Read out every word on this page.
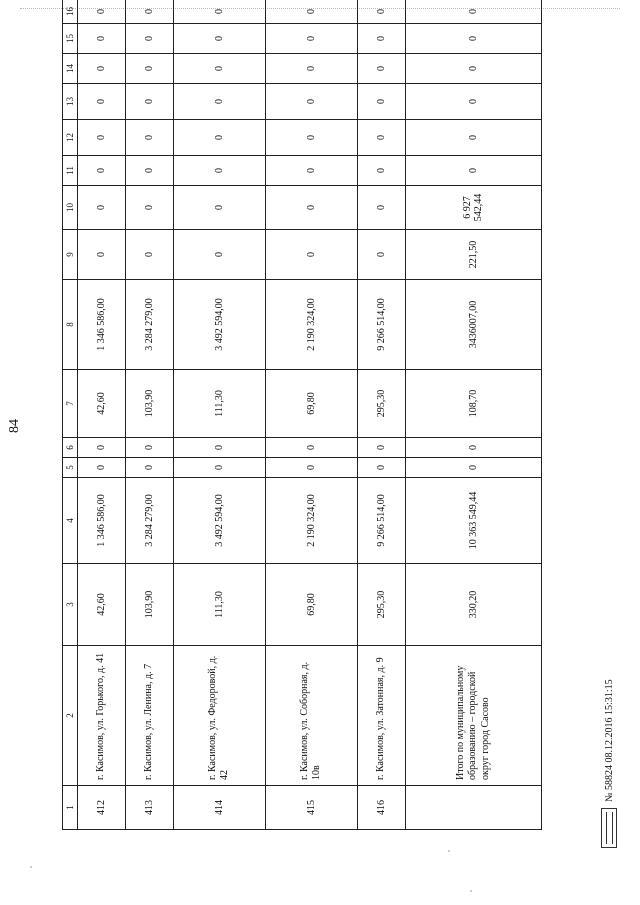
84
1	2	3	4	5	6	7	8	9	10	11	12	13	14	15	16
412	г. Касимов, ул. Горького, д. 41	42,60	1 346 586,00	0	0	42,60	1 346 586,00	0	0	0	0	0	0	0	0
413	г. Касимов, ул. Ленина, д. 7	103,90	3 284 279,00	0	0	103,90	3 284 279,00	0	0	0	0	0	0	0	0
414	г. Касимов, ул. Федоровой, д. 42	111,30	3 492 594,00	0	0	111,30	3 492 594,00	0	0	0	0	0	0	0	0
415	г. Касимов, ул. Соборная, д. 10в	69,80	2 190 324,00	0	0	69,80	2 190 324,00	0	0	0	0	0	0	0	0
416	г. Касимов, ул. Затонная, д. 9	295,30	9 266 514,00	0	0	295,30	9 266 514,00	0	0	0	0	0	0	0	0
	Итого по муниципальному образованию – городской округ город Сасово	330,20	10 363 549,44	0	0	108,70	3436007,00	221,50	6 927 542,44	0	0	0	0	0	0
№ 58824 08.12.2016 15:31:15
